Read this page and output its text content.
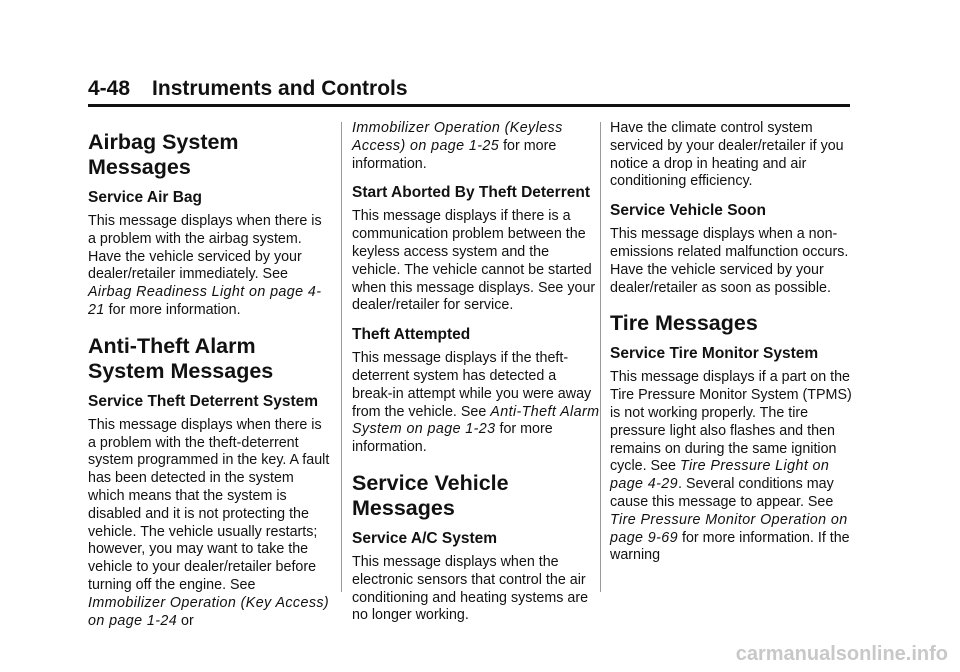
4-48 Instruments and Controls
Airbag System Messages
Service Air Bag

This message displays when there is a problem with the airbag system. Have the vehicle serviced by your dealer/retailer immediately. See Airbag Readiness Light on page 4-21 for more information.

Anti-Theft Alarm System Messages
Service Theft Deterrent System

This message displays when there is a problem with the theft-deterrent system programmed in the key. A fault has been detected in the system which means that the system is disabled and it is not protecting the vehicle. The vehicle usually restarts; however, you may want to take the vehicle to your dealer/retailer before turning off the engine. See Immobilizer Operation (Key Access) on page 1-24 or

Immobilizer Operation (Keyless Access) on page 1-25 for more information.

Start Aborted By Theft Deterrent

This message displays if there is a communication problem between the keyless access system and the vehicle. The vehicle cannot be started when this message displays. See your dealer/retailer for service.

Theft Attempted

This message displays if the theft-deterrent system has detected a break-in attempt while you were away from the vehicle. See Anti-Theft Alarm System on page 1-23 for more information.

Service Vehicle Messages
Service A/C System

This message displays when the electronic sensors that control the air conditioning and heating systems are no longer working.

Have the climate control system serviced by your dealer/retailer if you notice a drop in heating and air conditioning efficiency.

Service Vehicle Soon

This message displays when a non-emissions related malfunction occurs. Have the vehicle serviced by your dealer/retailer as soon as possible.

Tire Messages
Service Tire Monitor System

This message displays if a part on the Tire Pressure Monitor System (TPMS) is not working properly. The tire pressure light also flashes and then remains on during the same ignition cycle. See Tire Pressure Light on page 4-29. Several conditions may cause this message to appear. See Tire Pressure Monitor Operation on page 9-69 for more information. If the warning

carmanualsonline.info
